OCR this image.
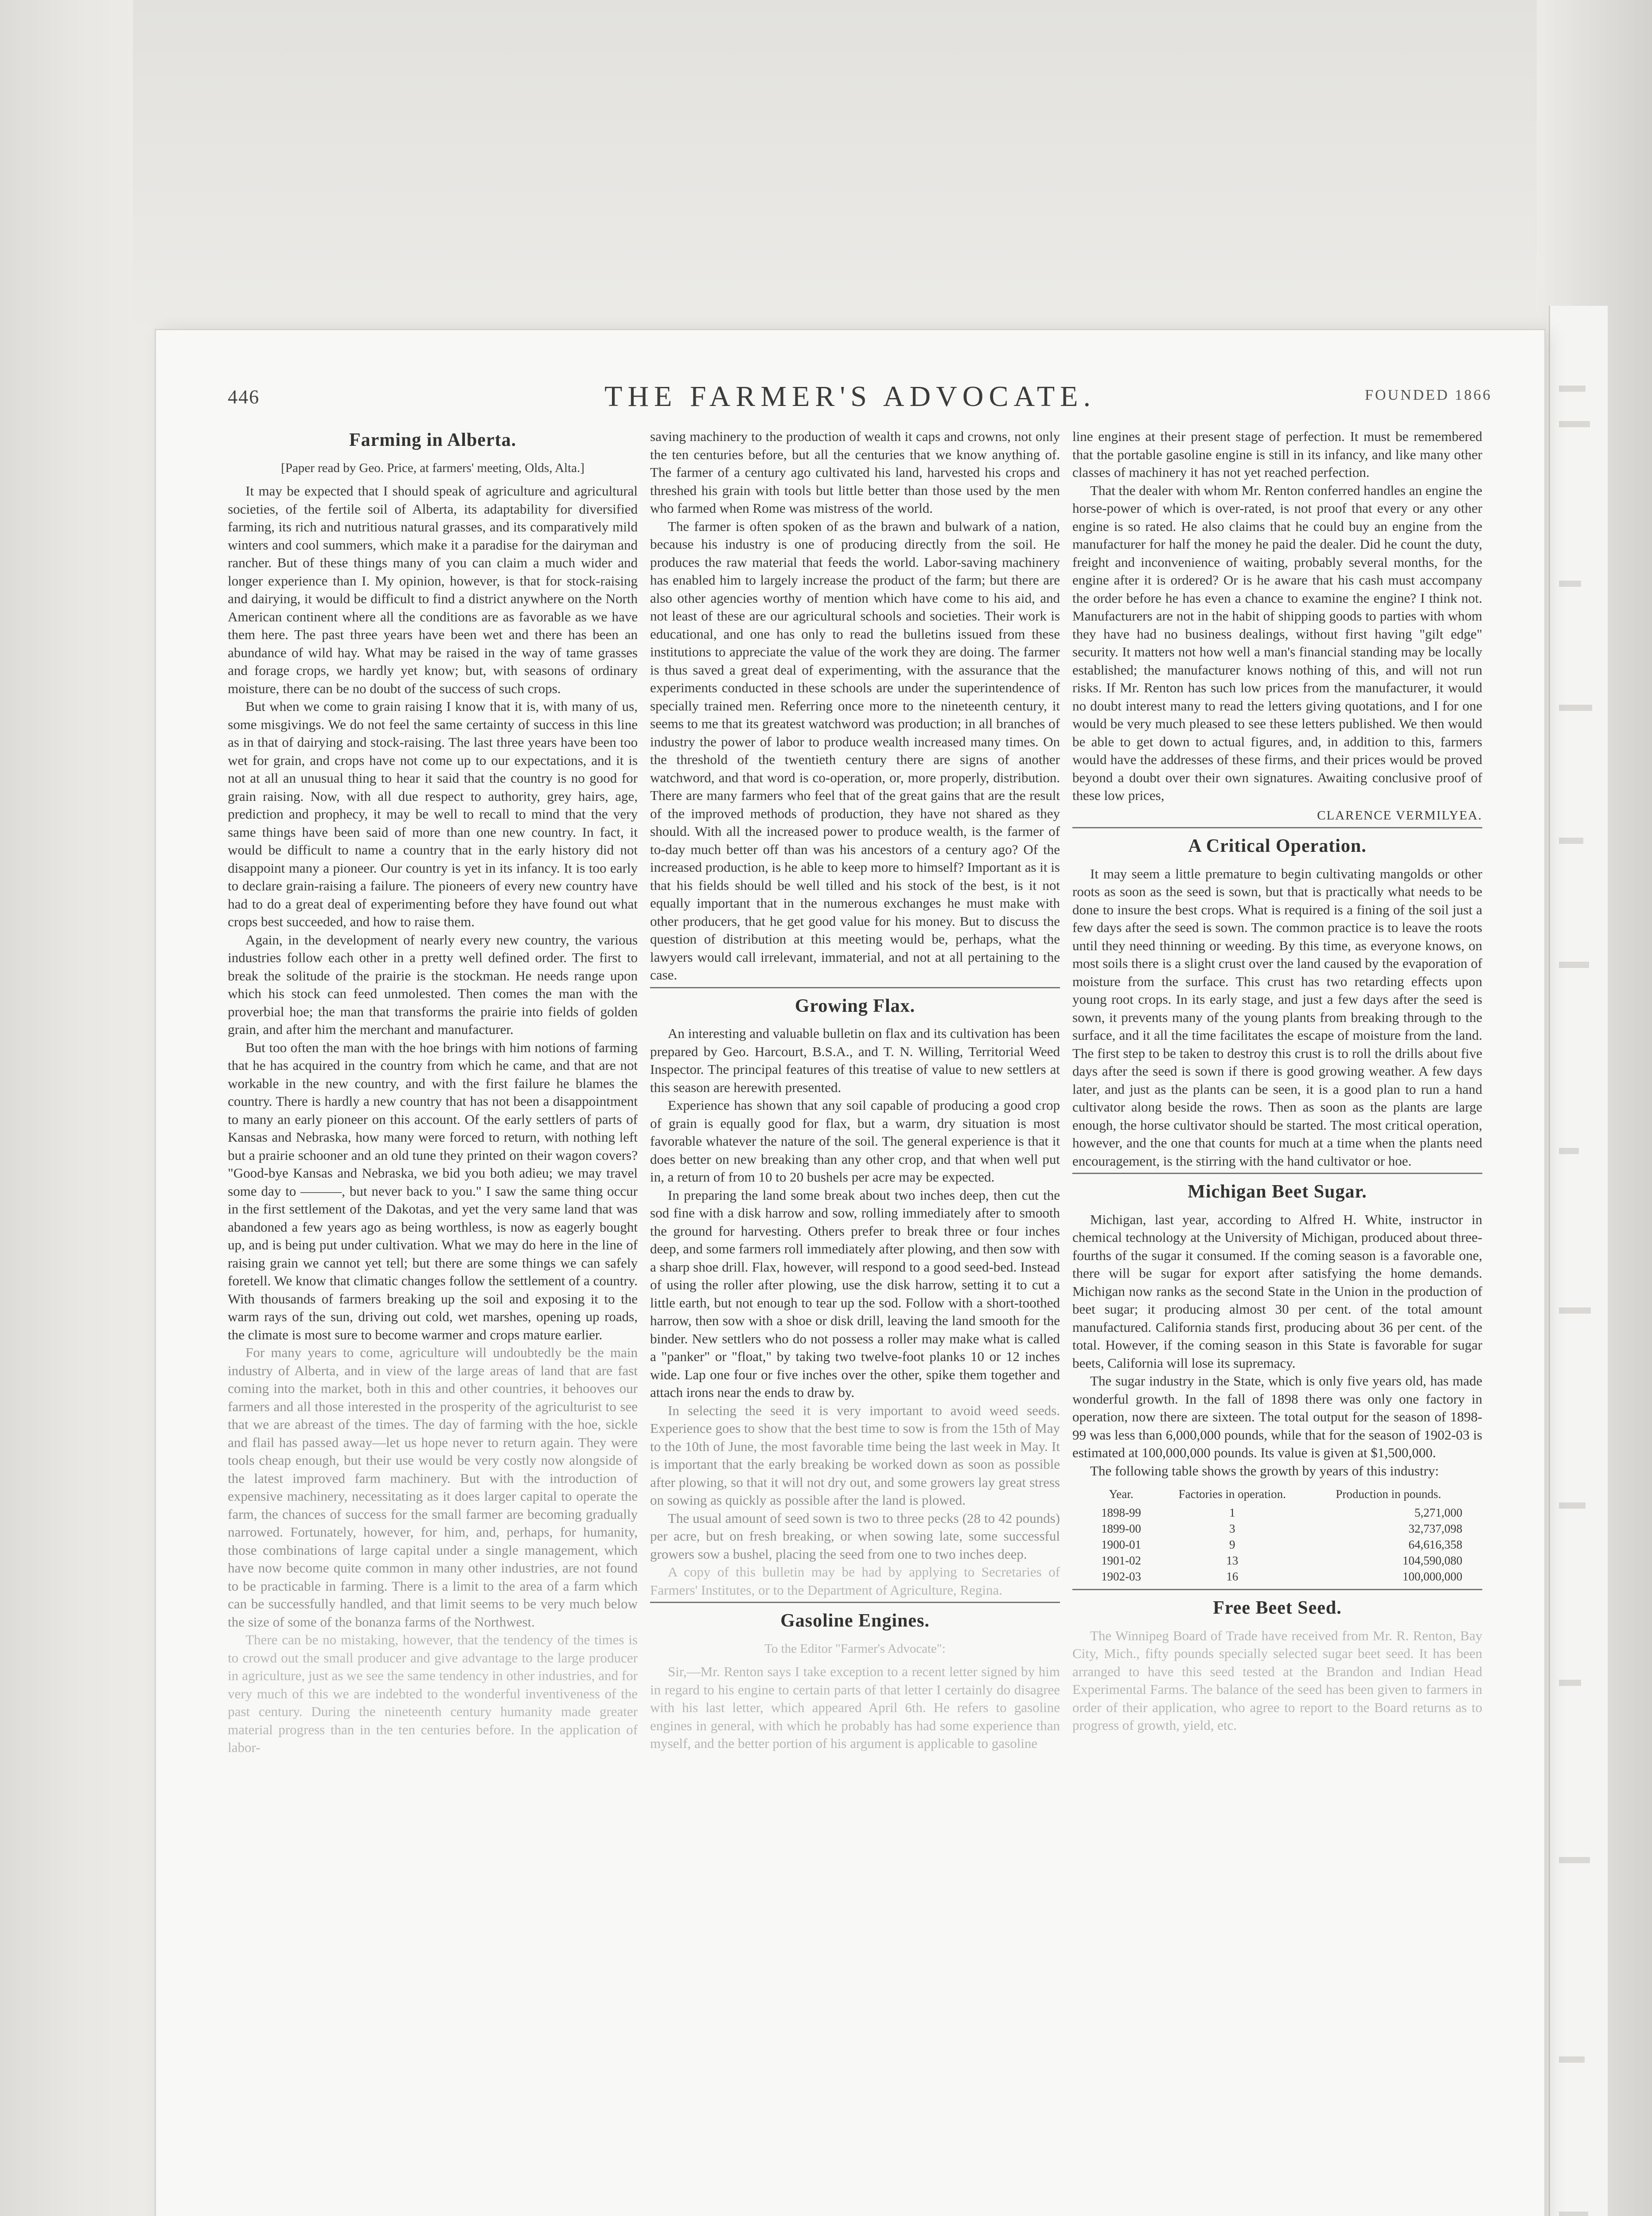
446	THE FARMER'S ADVOCATE.	FOUNDED 1866
Farming in Alberta.

[Paper read by Geo. Price, at farmers' meeting, Olds, Alta.]

It may be expected that I should speak of agriculture and agricultural societies, of the fertile soil of Alberta, its adaptability for diversified farming, its rich and nutritious natural grasses, and its comparatively mild winters and cool summers, which make it a paradise for the dairyman and rancher. But of these things many of you can claim a much wider and longer experience than I. My opinion, however, is that for stock-raising and dairying, it would be difficult to find a district anywhere on the North American continent where all the conditions are as favorable as we have them here. The past three years have been wet and there has been an abundance of wild hay. What may be raised in the way of tame grasses and forage crops, we hardly yet know; but, with seasons of ordinary moisture, there can be no doubt of the success of such crops.

But when we come to grain raising I know that it is, with many of us, some misgivings. We do not feel the same certainty of success in this line as in that of dairying and stock-raising. The last three years have been too wet for grain, and crops have not come up to our expectations, and it is not at all an unusual thing to hear it said that the country is no good for grain raising. Now, with all due respect to authority, grey hairs, age, prediction and prophecy, it may be well to recall to mind that the very same things have been said of more than one new country. In fact, it would be difficult to name a country that in the early history did not disappoint many a pioneer. Our country is yet in its infancy. It is too early to declare grain-raising a failure. The pioneers of every new country have had to do a great deal of experimenting before they have found out what crops best succeeded, and how to raise them.

Again, in the development of nearly every new country, the various industries follow each other in a pretty well defined order. The first to break the solitude of the prairie is the stockman. He needs range upon which his stock can feed unmolested. Then comes the man with the proverbial hoe; the man that transforms the prairie into fields of golden grain, and after him the merchant and manufacturer.

But too often the man with the hoe brings with him notions of farming that he has acquired in the country from which he came, and that are not workable in the new country, and with the first failure he blames the country. There is hardly a new country that has not been a disappointment to many an early pioneer on this account. Of the early settlers of parts of Kansas and Nebraska, how many were forced to return, with nothing left but a prairie schooner and an old tune they printed on their wagon covers? "Good-bye Kansas and Nebraska, we bid you both adieu; we may travel some day to ———, but never back to you." I saw the same thing occur in the first settlement of the Dakotas, and yet the very same land that was abandoned a few years ago as being worthless, is now as eagerly bought up, and is being put under cultivation. What we may do here in the line of raising grain we cannot yet tell; but there are some things we can safely foretell. We know that climatic changes follow the settlement of a country. With thousands of farmers breaking up the soil and exposing it to the warm rays of the sun, driving out cold, wet marshes, opening up roads, the climate is most sure to become warmer and crops mature earlier.

For many years to come, agriculture will undoubtedly be the main industry of Alberta, and in view of the large areas of land that are fast coming into the market, both in this and other countries, it behooves our farmers and all those interested in the prosperity of the agriculturist to see that we are abreast of the times. The day of farming with the hoe, sickle and flail has passed away—let us hope never to return again. They were tools cheap enough, but their use would be very costly now alongside of the latest improved farm machinery. But with the introduction of expensive machinery, necessitating as it does larger capital to operate the farm, the chances of success for the small farmer are becoming gradually narrowed. Fortunately, however, for him, and, perhaps, for humanity, those combinations of large capital under a single management, which have now become quite common in many other industries, are not found to be practicable in farming. There is a limit to the area of a farm which can be successfully handled, and that limit seems to be very much below the size of some of the bonanza farms of the Northwest.

There can be no mistaking, however, that the tendency of the times is to crowd out the small producer and give advantage to the large producer in agriculture, just as we see the same tendency in other industries, and for very much of this we are indebted to the wonderful inventiveness of the past century. During the nineteenth century humanity made greater material progress than in the ten centuries before. In the application of labor-

saving machinery to the production of wealth it caps and crowns, not only the ten centuries before, but all the centuries that we know anything of. The farmer of a century ago cultivated his land, harvested his crops and threshed his grain with tools but little better than those used by the men who farmed when Rome was mistress of the world.

The farmer is often spoken of as the brawn and bulwark of a nation, because his industry is one of producing directly from the soil. He produces the raw material that feeds the world. Labor-saving machinery has enabled him to largely increase the product of the farm; but there are also other agencies worthy of mention which have come to his aid, and not least of these are our agricultural schools and societies. Their work is educational, and one has only to read the bulletins issued from these institutions to appreciate the value of the work they are doing. The farmer is thus saved a great deal of experimenting, with the assurance that the experiments conducted in these schools are under the superintendence of specially trained men. Referring once more to the nineteenth century, it seems to me that its greatest watchword was production; in all branches of industry the power of labor to produce wealth increased many times. On the threshold of the twentieth century there are signs of another watchword, and that word is co-operation, or, more properly, distribution. There are many farmers who feel that of the great gains that are the result of the improved methods of production, they have not shared as they should. With all the increased power to produce wealth, is the farmer of to-day much better off than was his ancestors of a century ago? Of the increased production, is he able to keep more to himself? Important as it is that his fields should be well tilled and his stock of the best, is it not equally important that in the numerous exchanges he must make with other producers, that he get good value for his money. But to discuss the question of distribution at this meeting would be, perhaps, what the lawyers would call irrelevant, immaterial, and not at all pertaining to the case.

Growing Flax.

An interesting and valuable bulletin on flax and its cultivation has been prepared by Geo. Harcourt, B.S.A., and T. N. Willing, Territorial Weed Inspector. The principal features of this treatise of value to new settlers at this season are herewith presented.

Experience has shown that any soil capable of producing a good crop of grain is equally good for flax, but a warm, dry situation is most favorable whatever the nature of the soil. The general experience is that it does better on new breaking than any other crop, and that when well put in, a return of from 10 to 20 bushels per acre may be expected.

In preparing the land some break about two inches deep, then cut the sod fine with a disk harrow and sow, rolling immediately after to smooth the ground for harvesting. Others prefer to break three or four inches deep, and some farmers roll immediately after plowing, and then sow with a sharp shoe drill. Flax, however, will respond to a good seed-bed. Instead of using the roller after plowing, use the disk harrow, setting it to cut a little earth, but not enough to tear up the sod. Follow with a short-toothed harrow, then sow with a shoe or disk drill, leaving the land smooth for the binder. New settlers who do not possess a roller may make what is called a "panker" or "float," by taking two twelve-foot planks 10 or 12 inches wide. Lap one four or five inches over the other, spike them together and attach irons near the ends to draw by.

In selecting the seed it is very important to avoid weed seeds. Experience goes to show that the best time to sow is from the 15th of May to the 10th of June, the most favorable time being the last week in May. It is important that the early breaking be worked down as soon as possible after plowing, so that it will not dry out, and some growers lay great stress on sowing as quickly as possible after the land is plowed.

The usual amount of seed sown is two to three pecks (28 to 42 pounds) per acre, but on fresh breaking, or when sowing late, some successful growers sow a bushel, placing the seed from one to two inches deep.

A copy of this bulletin may be had by applying to Secretaries of Farmers' Institutes, or to the Department of Agriculture, Regina.

Gasoline Engines.

To the Editor "Farmer's Advocate":

Sir,—Mr. Renton says I take exception to a recent letter signed by him in regard to his engine to certain parts of that letter I certainly do disagree with his last letter, which appeared April 6th. He refers to gasoline engines in general, with which he probably has had some experience than myself, and the better portion of his argument is applicable to gasoline

line engines at their present stage of perfection. It must be remembered that the portable gasoline engine is still in its infancy, and like many other classes of machinery it has not yet reached perfection.

That the dealer with whom Mr. Renton conferred handles an engine the horse-power of which is over-rated, is not proof that every or any other engine is so rated. He also claims that he could buy an engine from the manufacturer for half the money he paid the dealer. Did he count the duty, freight and inconvenience of waiting, probably several months, for the engine after it is ordered? Or is he aware that his cash must accompany the order before he has even a chance to examine the engine? I think not. Manufacturers are not in the habit of shipping goods to parties with whom they have had no business dealings, without first having "gilt edge" security. It matters not how well a man's financial standing may be locally established; the manufacturer knows nothing of this, and will not run risks. If Mr. Renton has such low prices from the manufacturer, it would no doubt interest many to read the letters giving quotations, and I for one would be very much pleased to see these letters published. We then would be able to get down to actual figures, and, in addition to this, farmers would have the addresses of these firms, and their prices would be proved beyond a doubt over their own signatures. Awaiting conclusive proof of these low prices,

CLARENCE VERMILYEA.

A Critical Operation.

It may seem a little premature to begin cultivating mangolds or other roots as soon as the seed is sown, but that is practically what needs to be done to insure the best crops. What is required is a fining of the soil just a few days after the seed is sown. The common practice is to leave the roots until they need thinning or weeding. By this time, as everyone knows, on most soils there is a slight crust over the land caused by the evaporation of moisture from the surface. This crust has two retarding effects upon young root crops. In its early stage, and just a few days after the seed is sown, it prevents many of the young plants from breaking through to the surface, and it all the time facilitates the escape of moisture from the land. The first step to be taken to destroy this crust is to roll the drills about five days after the seed is sown if there is good growing weather. A few days later, and just as the plants can be seen, it is a good plan to run a hand cultivator along beside the rows. Then as soon as the plants are large enough, the horse cultivator should be started. The most critical operation, however, and the one that counts for much at a time when the plants need encouragement, is the stirring with the hand cultivator or hoe.

Michigan Beet Sugar.

Michigan, last year, according to Alfred H. White, instructor in chemical technology at the University of Michigan, produced about three-fourths of the sugar it consumed. If the coming season is a favorable one, there will be sugar for export after satisfying the home demands. Michigan now ranks as the second State in the Union in the production of beet sugar; it producing almost 30 per cent. of the total amount manufactured. California stands first, producing about 36 per cent. of the total. However, if the coming season in this State is favorable for sugar beets, California will lose its supremacy.

The sugar industry in the State, which is only five years old, has made wonderful growth. In the fall of 1898 there was only one factory in operation, now there are sixteen. The total output for the season of 1898-99 was less than 6,000,000 pounds, while that for the season of 1902-03 is estimated at 100,000,000 pounds. Its value is given at $1,500,000.

The following table shows the growth by years of this industry:

Year.	Factories in operation.	Production in pounds.
1898-99	1	5,271,000
1899-00	3	32,737,098
1900-01	9	64,616,358
1901-02	13	104,590,080
1902-03	16	100,000,000
Free Beet Seed.

The Winnipeg Board of Trade have received from Mr. R. Renton, Bay City, Mich., fifty pounds specially selected sugar beet seed. It has been arranged to have this seed tested at the Brandon and Indian Head Experimental Farms. The balance of the seed has been given to farmers in order of their application, who agree to report to the Board returns as to progress of growth, yield, etc.
